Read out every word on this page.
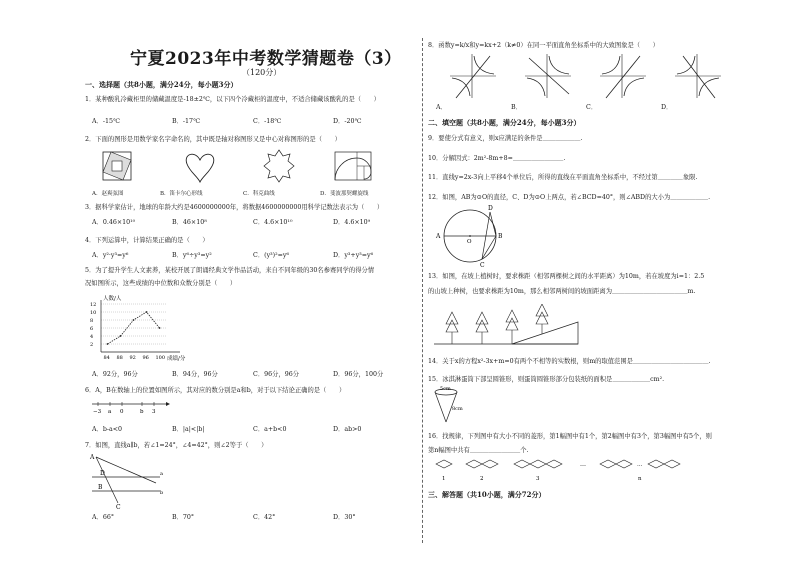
宁夏2023年中考数学猜题卷（3）
（120分）
一、选择题（共8小题，满分24分，每小题3分）
1．某种酸乳冷藏柜里的储藏温度是-18±2℃，以下四个冷藏柜的温度中，不适合储藏该酸乳的是（　　）
A．-15℃	B．-17℃	C．-18℃	D．-20℃
2．下面的图形是用数学家名字命名的，其中既是轴对称图形又是中心对称图形的是（　　）
A．赵爽弦图	B．笛卡尔心形线	C．科克曲线	D．斐波那契螺旋线
3．据科学家估计，地球的年龄大约是4600000000年，将数据4600000000用科学记数法表示为（　　）
A．0.46×10¹⁰	B．46×10⁸	C．4.6×10¹⁰	D．4.6×10⁹
4．下列运算中，计算结果正确的是（　　）
A．y²·y³=y⁶	B．y⁶÷y³=y²	C．(y³)²=y⁶	D．y³+y³=y⁶
5．为了提升学生人文素养，某校开展了朗诵经典文学作品活动，来自不同年级的30名参赛同学的得分情
况如图所示，这些成绩的中位数和众数分别是（　　）
人数/人
成绩/分
2
4
6
8
10
12
84 88 92 96 100
A．92分，96分	B．94分，96分	C．96分，96分	D．96分，100分
6．A，B在数轴上的位置如图所示，其对应的数分别是a和b，对于以下结论正确的是（　　）
−3 a 0	b 3
A．b-a<0	B．|a|<|b|	C．a+b<0	D．ab>0
7．如图，直线a∥b，若∠1=24°，∠4=42°，则∠2等于（　　）
A
D
B
C
a
b
A．66°	B．70°	C．42°	D．30°
8．函数y=k/x和y=kx+2（k≠0）在同一平面直角坐标系中的大致图象是（　　）
A．	B．	C．	D．
二、填空题（共8小题，满分24分，每小题3分）
9．要使分式有意义，则x应满足的条件是＿＿＿＿＿＿.
10．分解因式：2m²-8m+8=＿＿＿＿＿＿＿＿.
11．直线y=2x-3向上平移4个单位后，所得的直线在平面直角坐标系中，不经过第＿＿＿＿象限.
12．如图，AB为⊙O的直径，C、D为⊙O上两点，若∠BCD=40°，则∠ABD的大小为＿＿＿＿＿＿.
A	B
D
C
O
13．如图，在坡上植树时，要求株距（相邻两棵树之间的水平距离）为10m，若在坡度为i=1：2.5
的山坡上种树，也要求株距为10m，那么相邻两树间的坡面距离为＿＿＿＿＿＿＿＿＿＿＿＿m.
14．关于x的方程x²-3x+m=0有两个不相等的实数根，则m的取值范围是＿＿＿＿＿＿＿＿＿＿＿＿.
15．冰淇淋蛋筒下部呈圆锥形，则蛋筒圆锥形部分包装纸的面积是＿＿＿＿＿＿cm².
5cm
8cm
16．找规律，下列图中有大小不同的菱形，第1幅图中有1个，第2幅图中有3个，第3幅图中有5个，则
第n幅图中共有＿＿＿＿＿＿＿＿个.
1	2	3
…	…
n
三、解答题（共10小题，满分72分）
